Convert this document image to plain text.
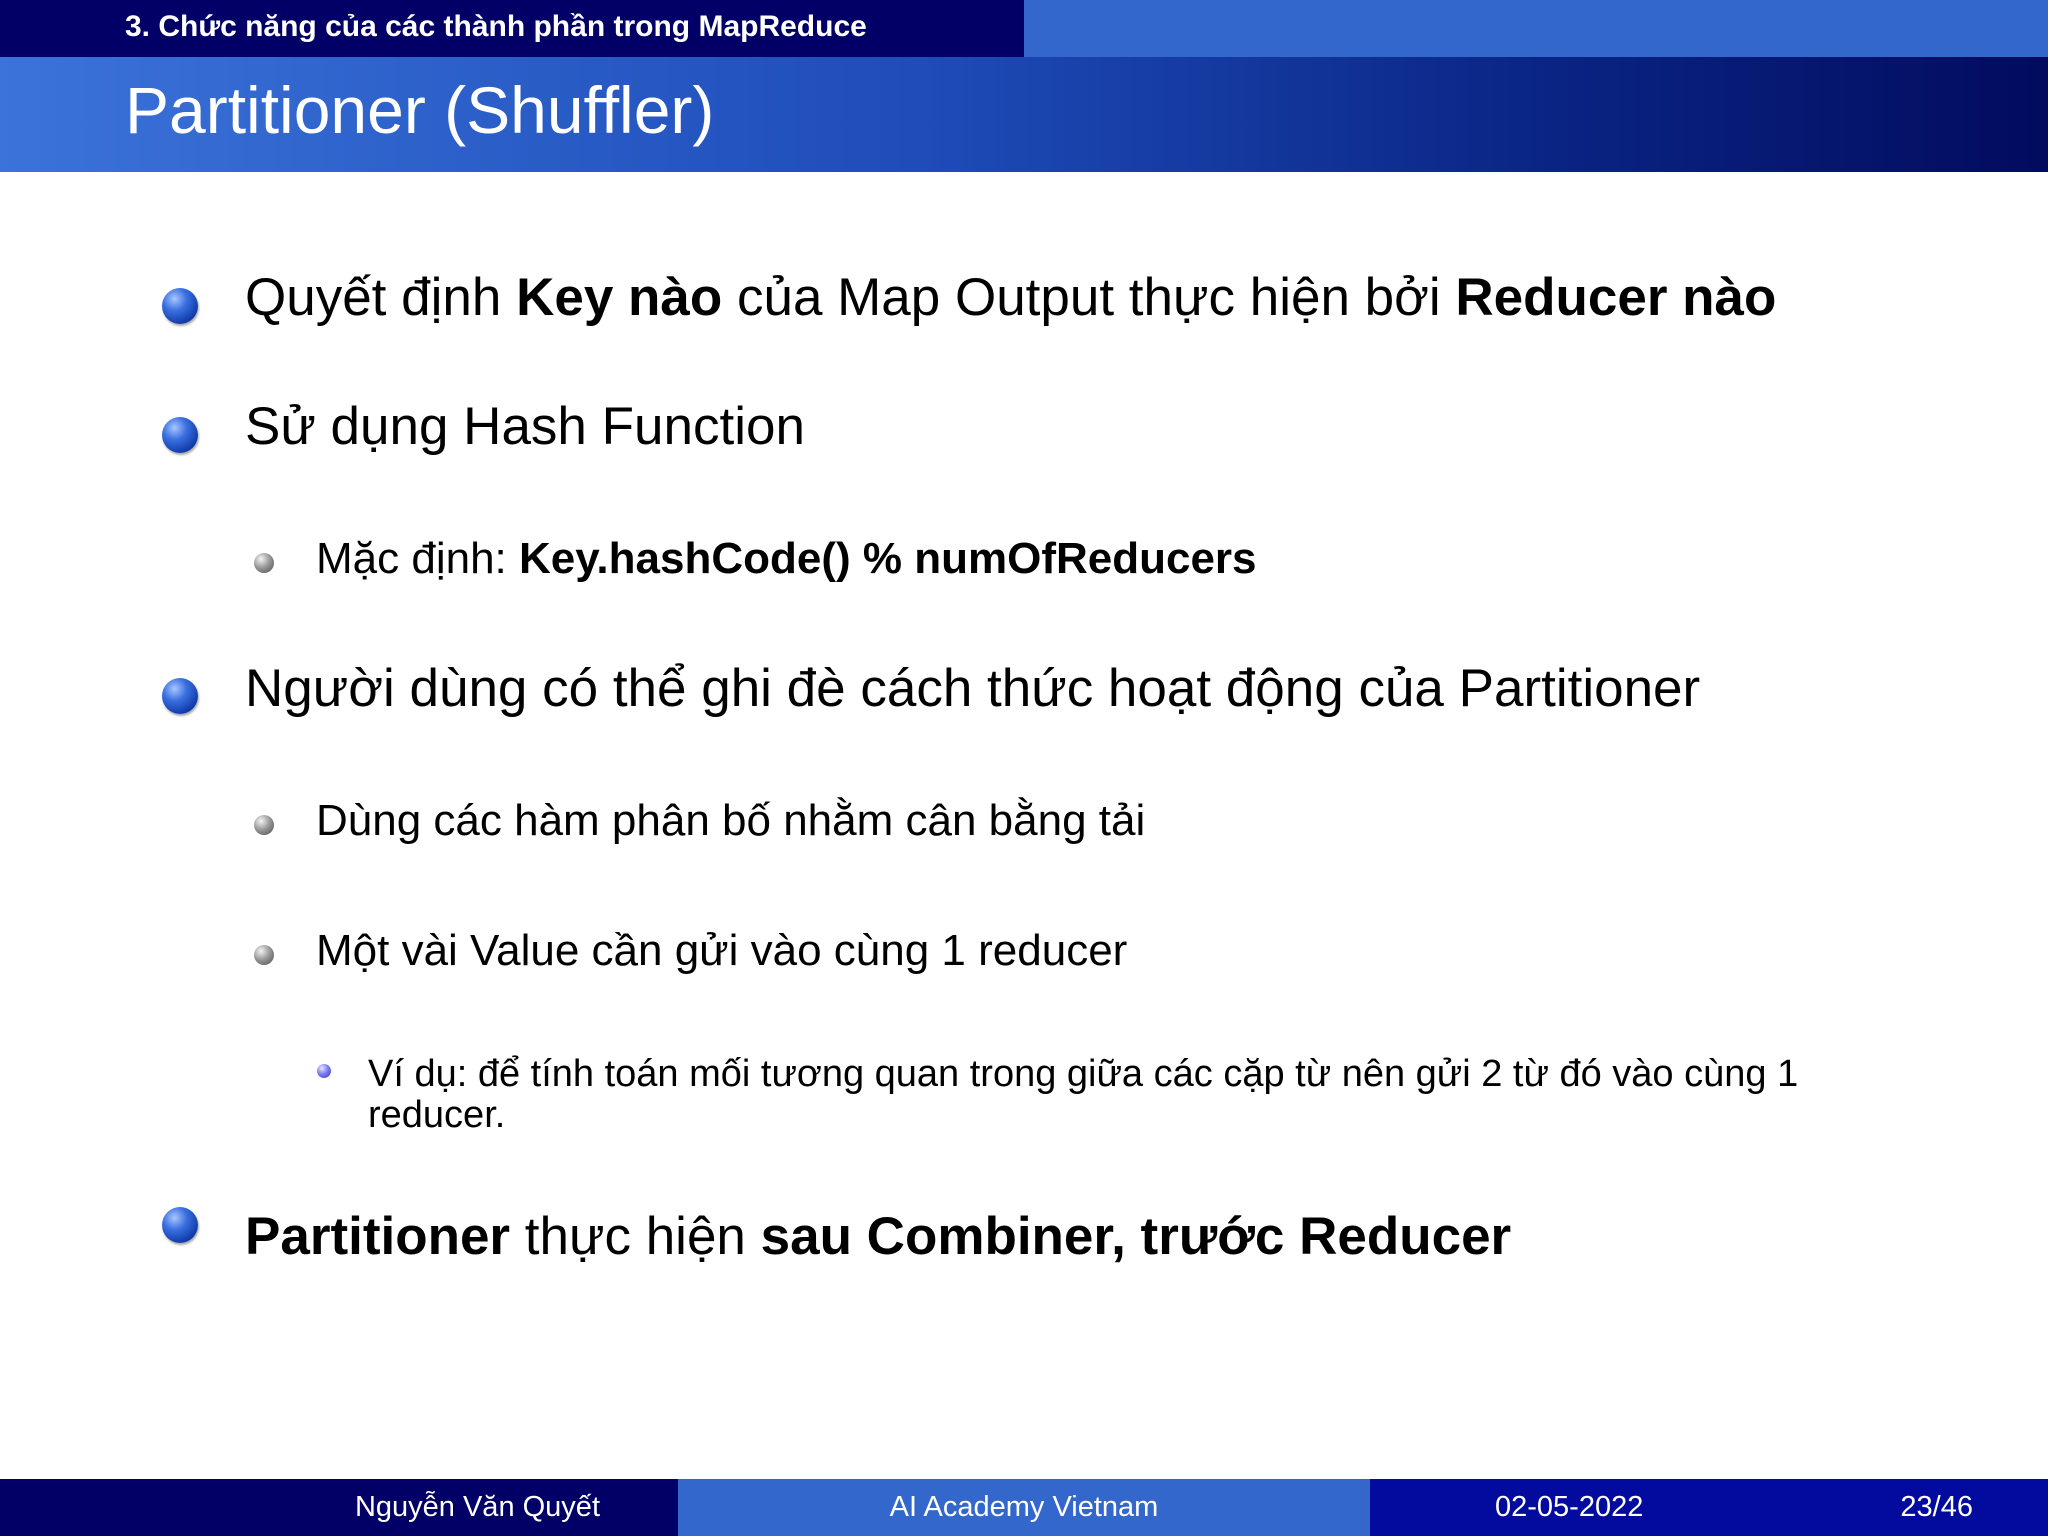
3. Chức năng của các thành phần trong MapReduce
Partitioner (Shuffler)
Quyết định Key nào của Map Output thực hiện bởi Reducer nào
Sử dụng Hash Function
Mặc định: Key.hashCode() % numOfReducers
Người dùng có thể ghi đè cách thức hoạt động của Partitioner
Dùng các hàm phân bố nhằm cân bằng tải
Một vài Value cần gửi vào cùng 1 reducer
Ví dụ: để tính toán mối tương quan trong giữa các cặp từ nên gửi 2 từ đó vào cùng 1 reducer.
Partitioner thực hiện sau Combiner, trước Reducer
Nguyễn Văn Quyết	AI Academy Vietnam	02-05-2022	23/46
